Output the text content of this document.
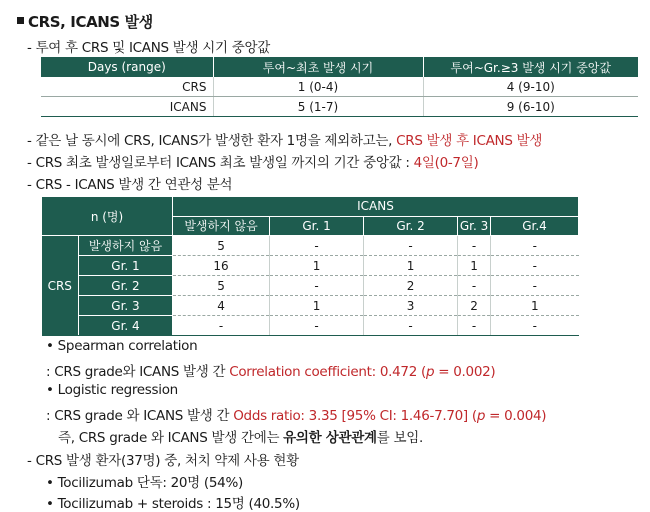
CRS, ICANS 발생
- 투여 후 CRS 및 ICANS 발생 시기 중앙값
Days (range)	투여~최초 발생 시기	투여~Gr.≥3 발생 시기 중앙값
CRS	1 (0-4)	4 (9-10)
ICANS	5 (1-7)	9 (6-10)
- 같은 날 동시에 CRS, ICANS가 발생한 환자 1명을 제외하고는, CRS 발생 후 ICANS 발생
- CRS 최초 발생일로부터 ICANS 최초 발생일 까지의 기간 중앙값 : 4일(0-7일)
- CRS - ICANS 발생 간 연관성 분석
n (명)		ICANS				
		발생하지 않음	Gr. 1	Gr. 2	Gr. 3	Gr.4
CRS	발생하지 않음	5	-	-	-	-
	Gr. 1	16	1	1	1	-
	Gr. 2	5	-	2	-	-
	Gr. 3	4	1	3	2	1
	Gr. 4	-	-	-	-	-
• Spearman correlation
: CRS grade와 ICANS 발생 간 Correlation coefficient: 0.472 (p = 0.002)
• Logistic regression
: CRS grade 와 ICANS 발생 간 Odds ratio: 3.35 [95% CI: 1.46-7.70] (p = 0.004)
즉, CRS grade 와 ICANS 발생 간에는 유의한 상관관계를 보임.
- CRS 발생 환자(37명) 중, 처치 약제 사용 현황
• Tocilizumab 단독: 20명 (54%)
• Tocilizumab + steroids : 15명 (40.5%)
